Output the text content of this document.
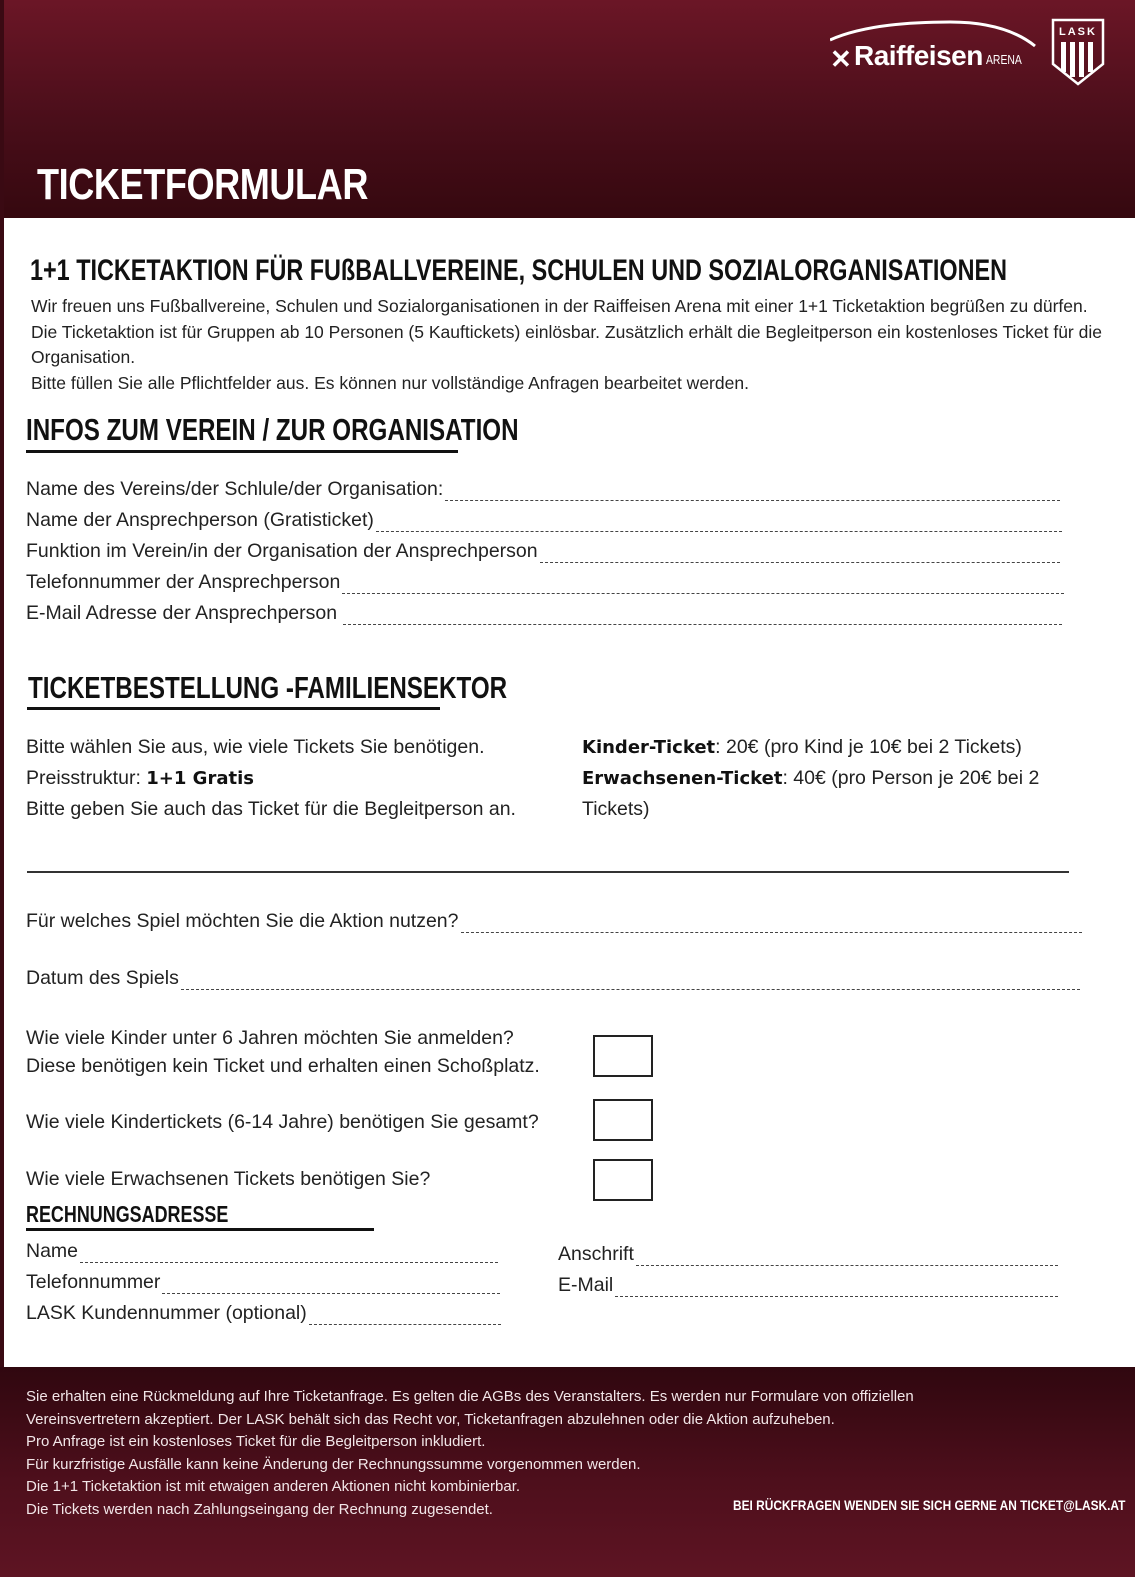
✕ Raiffeisen ARENA
LASK
TICKETFORMULAR
1+1 TICKETAKTION FÜR FUßBALLVEREINE, SCHULEN UND SOZIALORGANISATIONEN
Wir freuen uns Fußballvereine, Schulen und Sozialorganisationen in der Raiffeisen Arena mit einer 1+1 Ticketaktion begrüßen zu dürfen. Die Ticketaktion ist für Gruppen ab 10 Personen (5 Kauftickets) einlösbar. Zusätzlich erhält die Begleitperson ein kostenloses Ticket für die Organisation.
Bitte füllen Sie alle Pflichtfelder aus. Es können nur vollständige Anfragen bearbeitet werden.
INFOS ZUM VEREIN / ZUR ORGANISATION
Name des Vereins/der Schlule/der Organisation:
Name der Ansprechperson (Gratisticket)
Funktion im Verein/in der Organisation der Ansprechperson
Telefonnummer der Ansprechperson
E-Mail Adresse der Ansprechperson
TICKETBESTELLUNG -FAMILIENSEKTOR
Bitte wählen Sie aus, wie viele Tickets Sie benötigen.
Preisstruktur: 1+1 Gratis
Bitte geben Sie auch das Ticket für die Begleitperson an.
Kinder-Ticket: 20€ (pro Kind je 10€ bei 2 Tickets)
Erwachsenen-Ticket: 40€ (pro Person je 20€ bei 2 Tickets)
Für welches Spiel möchten Sie die Aktion nutzen?
Datum des Spiels
Wie viele Kinder unter 6 Jahren möchten Sie anmelden?
Diese benötigen kein Ticket und erhalten einen Schoßplatz.
Wie viele Kindertickets (6-14 Jahre) benötigen Sie gesamt?
Wie viele Erwachsenen Tickets benötigen Sie?
RECHNUNGSADRESSE
Name
Telefonnummer
LASK Kundennummer (optional)
Anschrift
E-Mail
Sie erhalten eine Rückmeldung auf Ihre Ticketanfrage. Es gelten die AGBs des Veranstalters. Es werden nur Formulare von offiziellen Vereinsvertretern akzeptiert. Der LASK behält sich das Recht vor, Ticketanfragen abzulehnen oder die Aktion aufzuheben.
Pro Anfrage ist ein kostenloses Ticket für die Begleitperson inkludiert.
Für kurzfristige Ausfälle kann keine Änderung der Rechnungssumme vorgenommen werden.
Die 1+1 Ticketaktion ist mit etwaigen anderen Aktionen nicht kombinierbar.
Die Tickets werden nach Zahlungseingang der Rechnung zugesendet.	BEI RÜCKFRAGEN WENDEN SIE SICH GERNE AN TICKET@LASK.AT
